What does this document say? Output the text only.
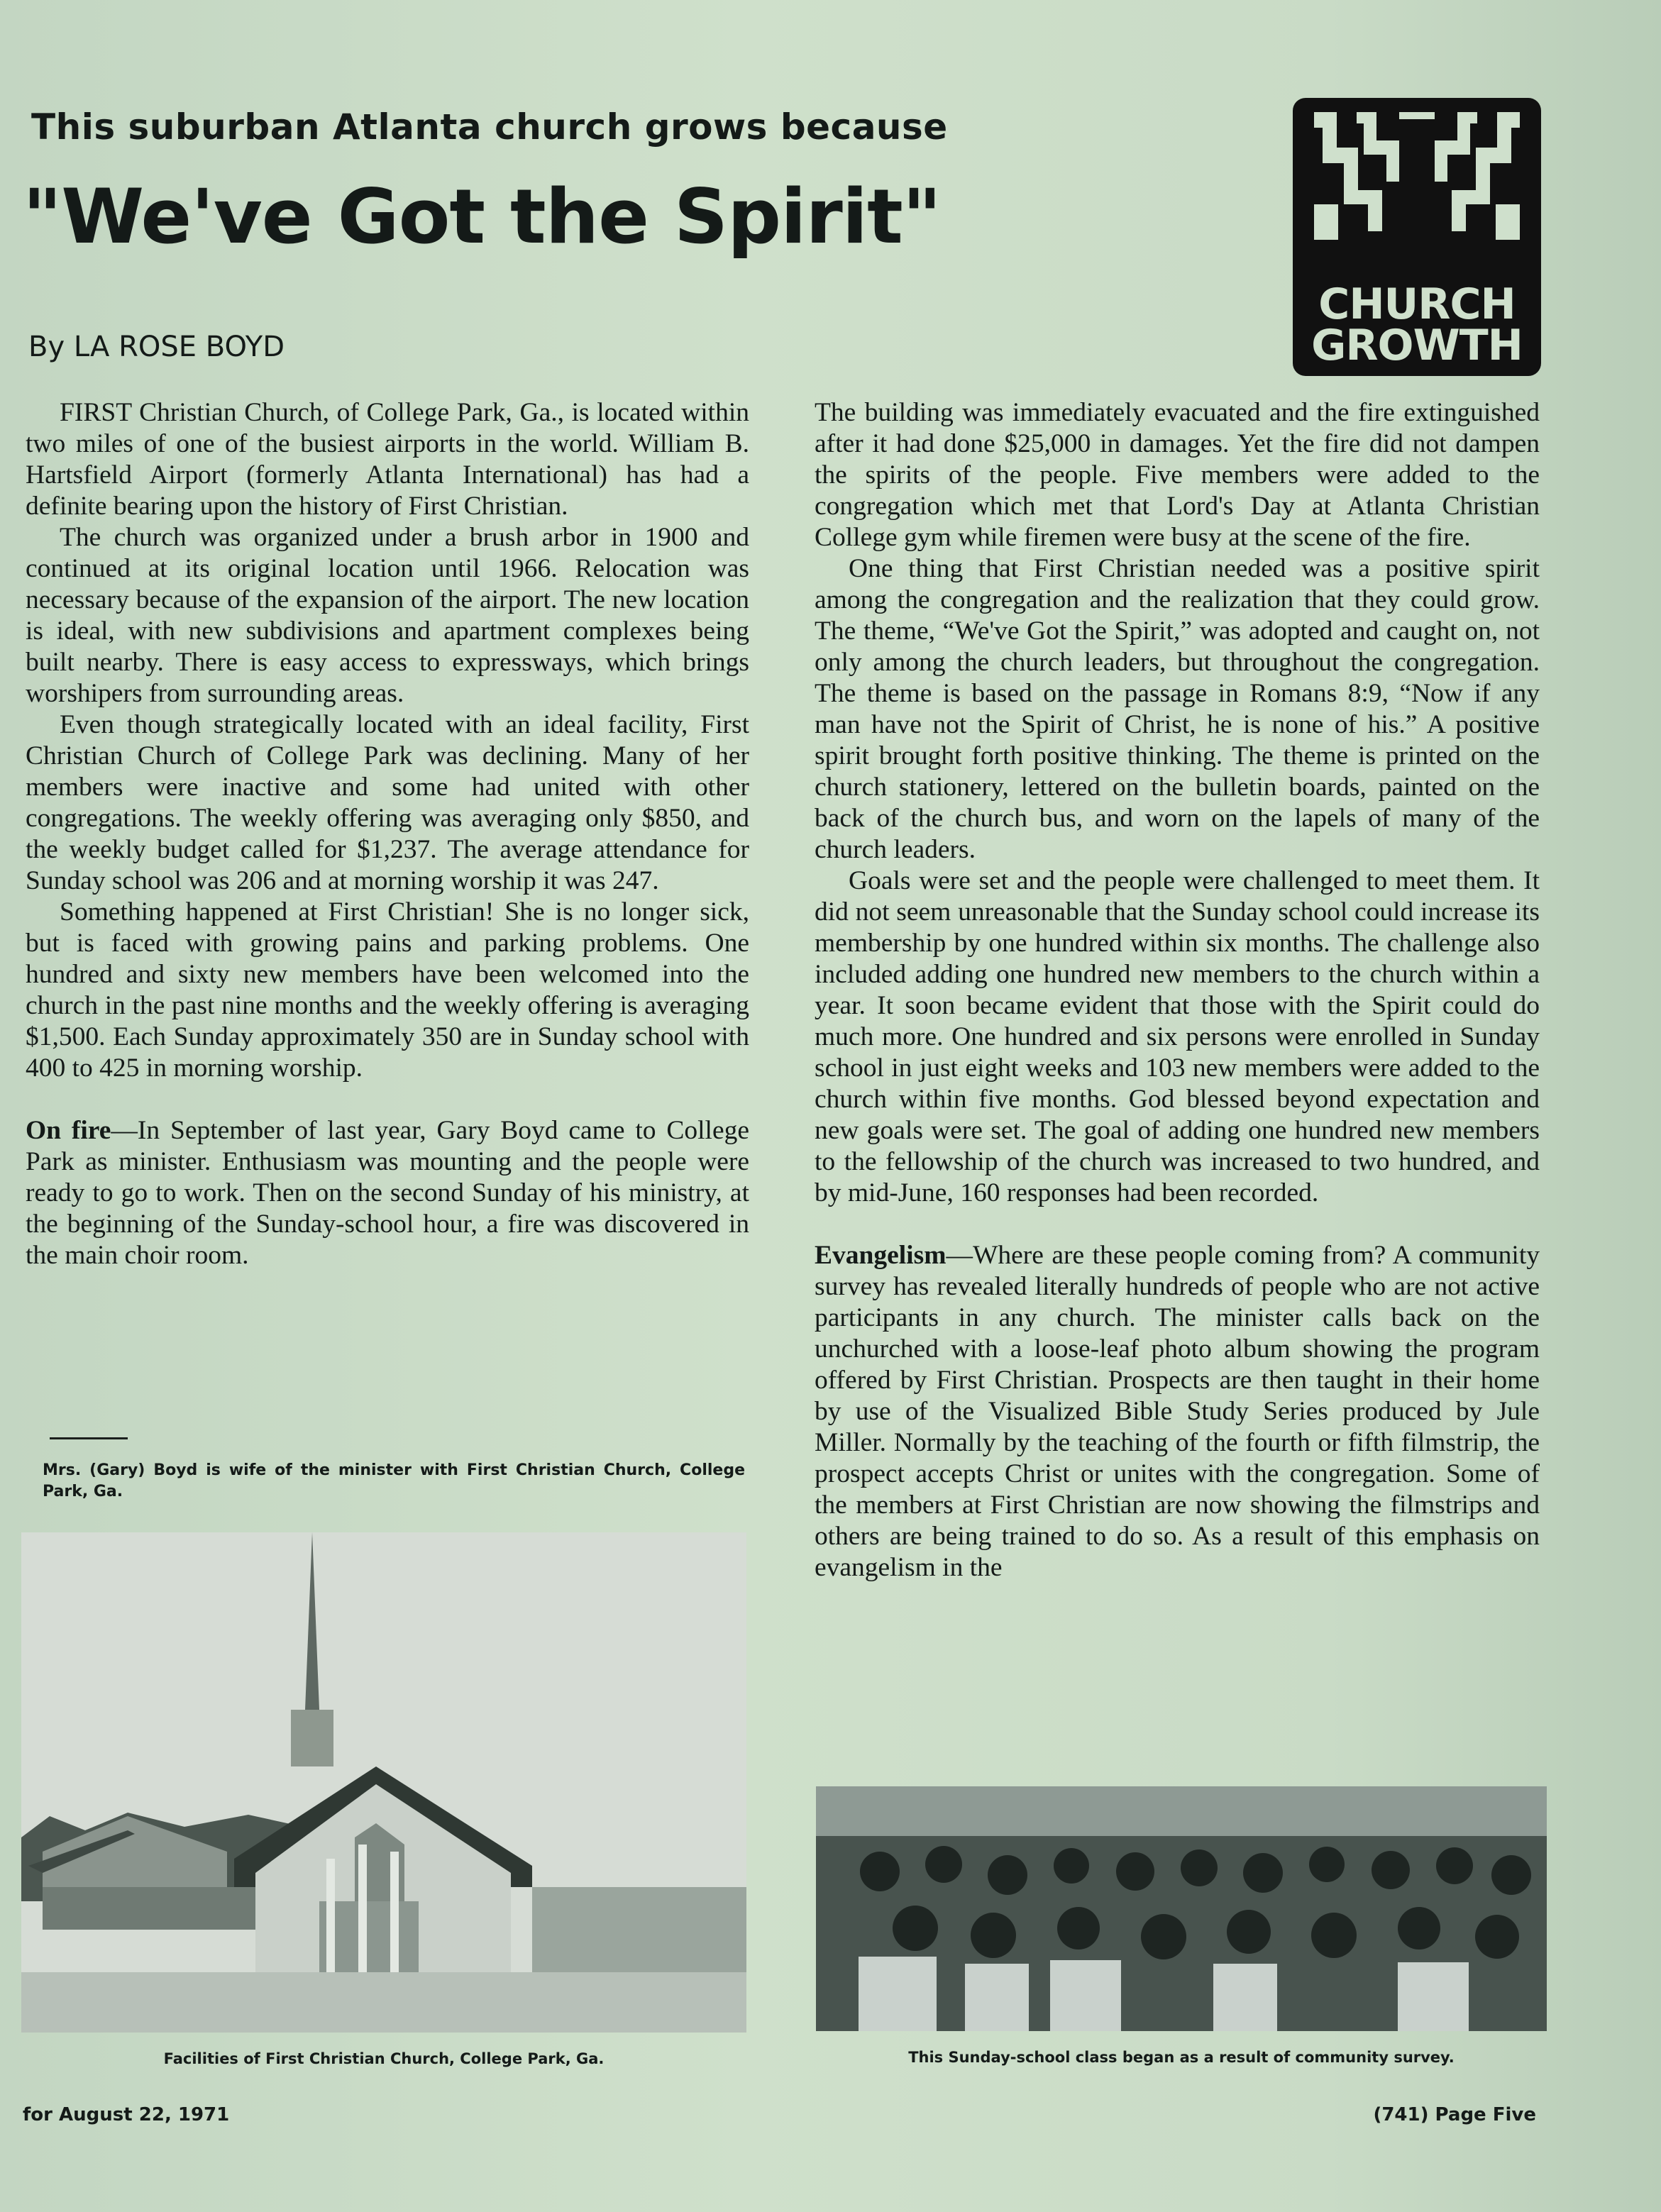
This suburban Atlanta church grows because

"We've Got the Spirit"

By LA ROSE BOYD

CHURCH
GROWTH

FIRST Christian Church, of College Park, Ga., is located within two miles of one of the busiest airports in the world. William B. Hartsfield Airport (formerly Atlanta International) has had a definite bearing upon the history of First Christian.

The church was organized under a brush arbor in 1900 and continued at its original location until 1966. Relocation was necessary because of the expansion of the airport. The new location is ideal, with new subdivisions and apartment complexes being built nearby. There is easy access to expressways, which brings worshipers from surrounding areas.

Even though strategically located with an ideal facility, First Christian Church of College Park was declining. Many of her members were inactive and some had united with other congregations. The weekly offering was averaging only $850, and the weekly budget called for $1,237. The average attendance for Sunday school was 206 and at morning worship it was 247.

Something happened at First Christian! She is no longer sick, but is faced with growing pains and parking problems. One hundred and sixty new members have been welcomed into the church in the past nine months and the weekly offering is averaging $1,500. Each Sunday approximately 350 are in Sunday school with 400 to 425 in morning worship.

On fire—In September of last year, Gary Boyd came to College Park as minister. Enthusiasm was mounting and the people were ready to go to work. Then on the second Sunday of his ministry, at the beginning of the Sunday-school hour, a fire was discovered in the main choir room.

Mrs. (Gary) Boyd is wife of the minister with First Christian Church, College Park, Ga.

The building was immediately evacuated and the fire extinguished after it had done $25,000 in damages. Yet the fire did not dampen the spirits of the people. Five members were added to the congregation which met that Lord's Day at Atlanta Christian College gym while firemen were busy at the scene of the fire.

One thing that First Christian needed was a positive spirit among the congregation and the realization that they could grow. The theme, “We've Got the Spirit,” was adopted and caught on, not only among the church leaders, but throughout the congregation. The theme is based on the passage in Romans 8:9, “Now if any man have not the Spirit of Christ, he is none of his.” A positive spirit brought forth positive thinking. The theme is printed on the church stationery, lettered on the bulletin boards, painted on the back of the church bus, and worn on the lapels of many of the church leaders.

Goals were set and the people were challenged to meet them. It did not seem unreasonable that the Sunday school could increase its membership by one hundred within six months. The challenge also included adding one hundred new members to the church within a year. It soon became evident that those with the Spirit could do much more. One hundred and six persons were enrolled in Sunday school in just eight weeks and 103 new members were added to the church within five months. God blessed beyond expectation and new goals were set. The goal of adding one hundred new members to the fellowship of the church was increased to two hundred, and by mid-June, 160 responses had been recorded.

Evangelism—Where are these people coming from? A community survey has revealed literally hundreds of people who are not active participants in any church. The minister calls back on the unchurched with a loose-leaf photo album showing the program offered by First Christian. Prospects are then taught in their home by use of the Visualized Bible Study Series produced by Jule Miller. Normally by the teaching of the fourth or fifth filmstrip, the prospect accepts Christ or unites with the congregation. Some of the members at First Christian are now showing the filmstrips and others are being trained to do so. As a result of this emphasis on evangelism in the

Facilities of First Christian Church, College Park, Ga.	This Sunday-school class began as a result of community survey.
for August 22, 1971	(741) Page Five
